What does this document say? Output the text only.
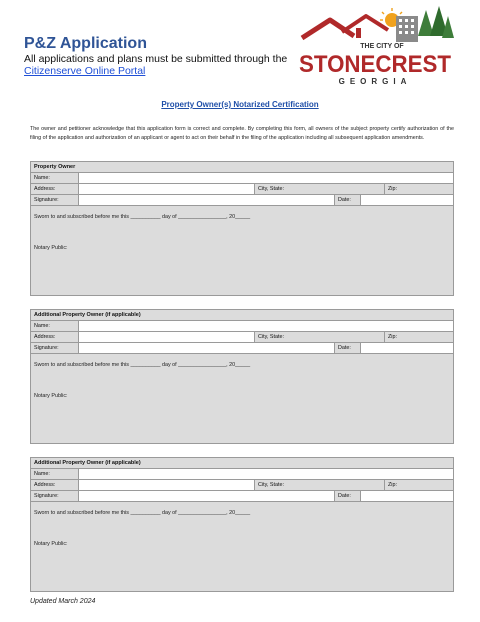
P&Z Application
All applications and plans must be submitted through the
Citizenserve Online Portal
THE CITY OF
STONECREST
GEORGIA
Property Owner(s) Notarized Certification
The owner and petitioner acknowledge that this application form is correct and complete. By completing this form, all owners of the subject property certify authorization of the filing of the application and authorization of an applicant or agent to act on their behalf in the filing of the application including all subsequent application amendments.
Property Owner
Name:
Address:	City, State:	Zip:
Signature:	Date:
Sworn to and subscribed before me this __________ day of ________________, 20_____
Notary Public:
Additional Property Owner (if applicable)
Name:
Address:	City, State:	Zip:
Signature:	Date:
Sworn to and subscribed before me this __________ day of ________________, 20_____
Notary Public:
Additional Property Owner (if applicable)
Name:
Address:	City, State:	Zip:
Signature:	Date:
Sworn to and subscribed before me this __________ day of ________________, 20_____
Notary Public:
Updated March 2024
